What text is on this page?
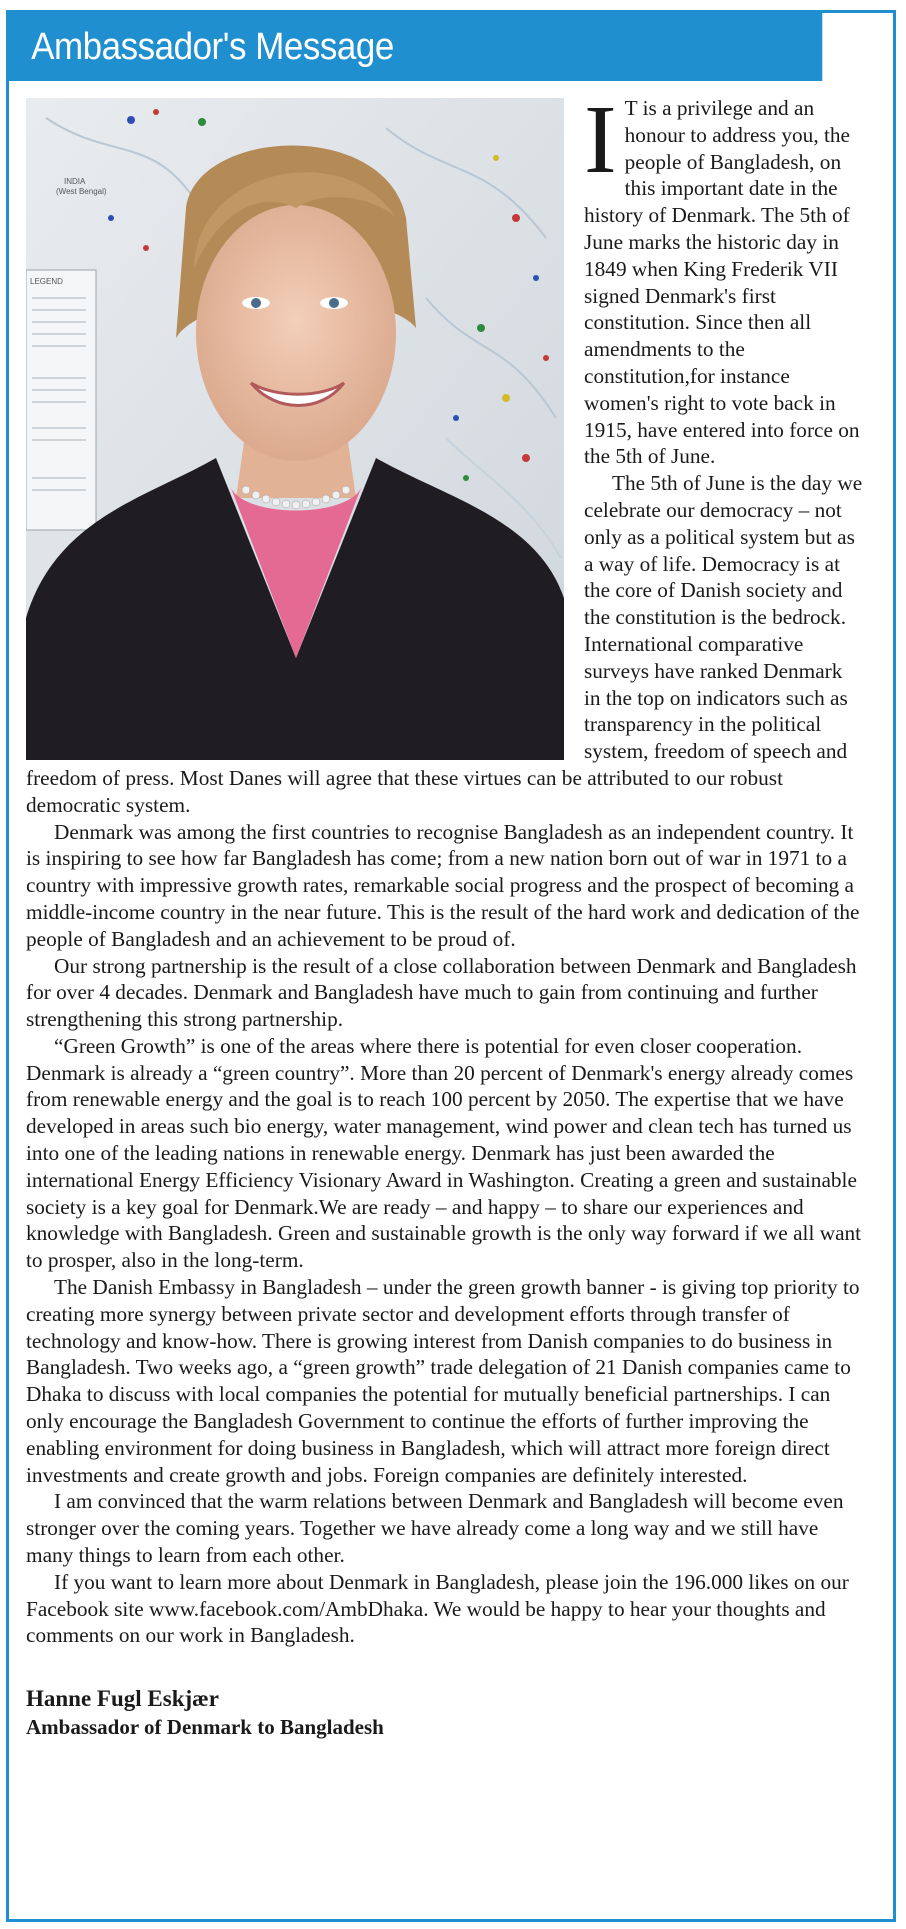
Ambassador's Message
LEGEND
INDIA
(West Bengal)	I T is a privilege and an honour to address you, the people of Bangladesh, on this important date in the history of Denmark. The 5th of June marks the historic day in 1849 when King Frederik VII signed Denmark's first constitution. Since then all amendments to the constitution,for instance women's right to vote back in 1915, have entered into force on the 5th of June.

The 5th of June is the day we celebrate our democracy – not only as a political system but as a way of life. Democracy is at the core of Danish society and the constitution is the bedrock. International comparative surveys have ranked Denmark in the top on indicators such as transparency in the political system, freedom of speech and freedom of press. Most Danes will agree that these virtues can be attributed to our robust democratic system.

Denmark was among the first countries to recognise Bangladesh as an independent country. It is inspiring to see how far Bangladesh has come; from a new nation born out of war in 1971 to a country with impressive growth rates, remarkable social progress and the prospect of becoming a middle-income country in the near future. This is the result of the hard work and dedication of the people of Bangladesh and an achievement to be proud of.

Our strong partnership is the result of a close collaboration between Denmark and Bangladesh for over 4 decades. Denmark and Bangladesh have much to gain from continuing and further strengthening this strong partnership.

“Green Growth” is one of the areas where there is potential for even closer cooperation. Denmark is already a “green country”. More than 20 percent of Denmark's energy already comes from renewable energy and the goal is to reach 100 percent by 2050. The expertise that we have developed in areas such bio energy, water management, wind power and clean tech has turned us into one of the leading nations in renewable energy. Denmark has just been awarded the international Energy Efficiency Visionary Award in Washington. Creating a green and sustainable society is a key goal for Denmark.We are ready – and happy – to share our experiences and knowledge with Bangladesh. Green and sustainable growth is the only way forward if we all want to prosper, also in the long-term.

The Danish Embassy in Bangladesh – under the green growth banner - is giving top priority to creating more synergy between private sector and development efforts through transfer of technology and know-how. There is growing interest from Danish companies to do business in Bangladesh. Two weeks ago, a “green growth” trade delegation of 21 Danish companies came to Dhaka to discuss with local companies the potential for mutually beneficial partnerships. I can only encourage the Bangladesh Government to continue the efforts of further improving the enabling environment for doing business in Bangladesh, which will attract more foreign direct investments and create growth and jobs. Foreign companies are definitely interested.

I am convinced that the warm relations between Denmark and Bangladesh will become even stronger over the coming years. Together we have already come a long way and we still have many things to learn from each other.

If you want to learn more about Denmark in Bangladesh, please join the 196.000 likes on our Facebook site www.facebook.com/AmbDhaka. We would be happy to hear your thoughts and comments on our work in Bangladesh.

Hanne Fugl Eskjær
Ambassador of Denmark to Bangladesh
